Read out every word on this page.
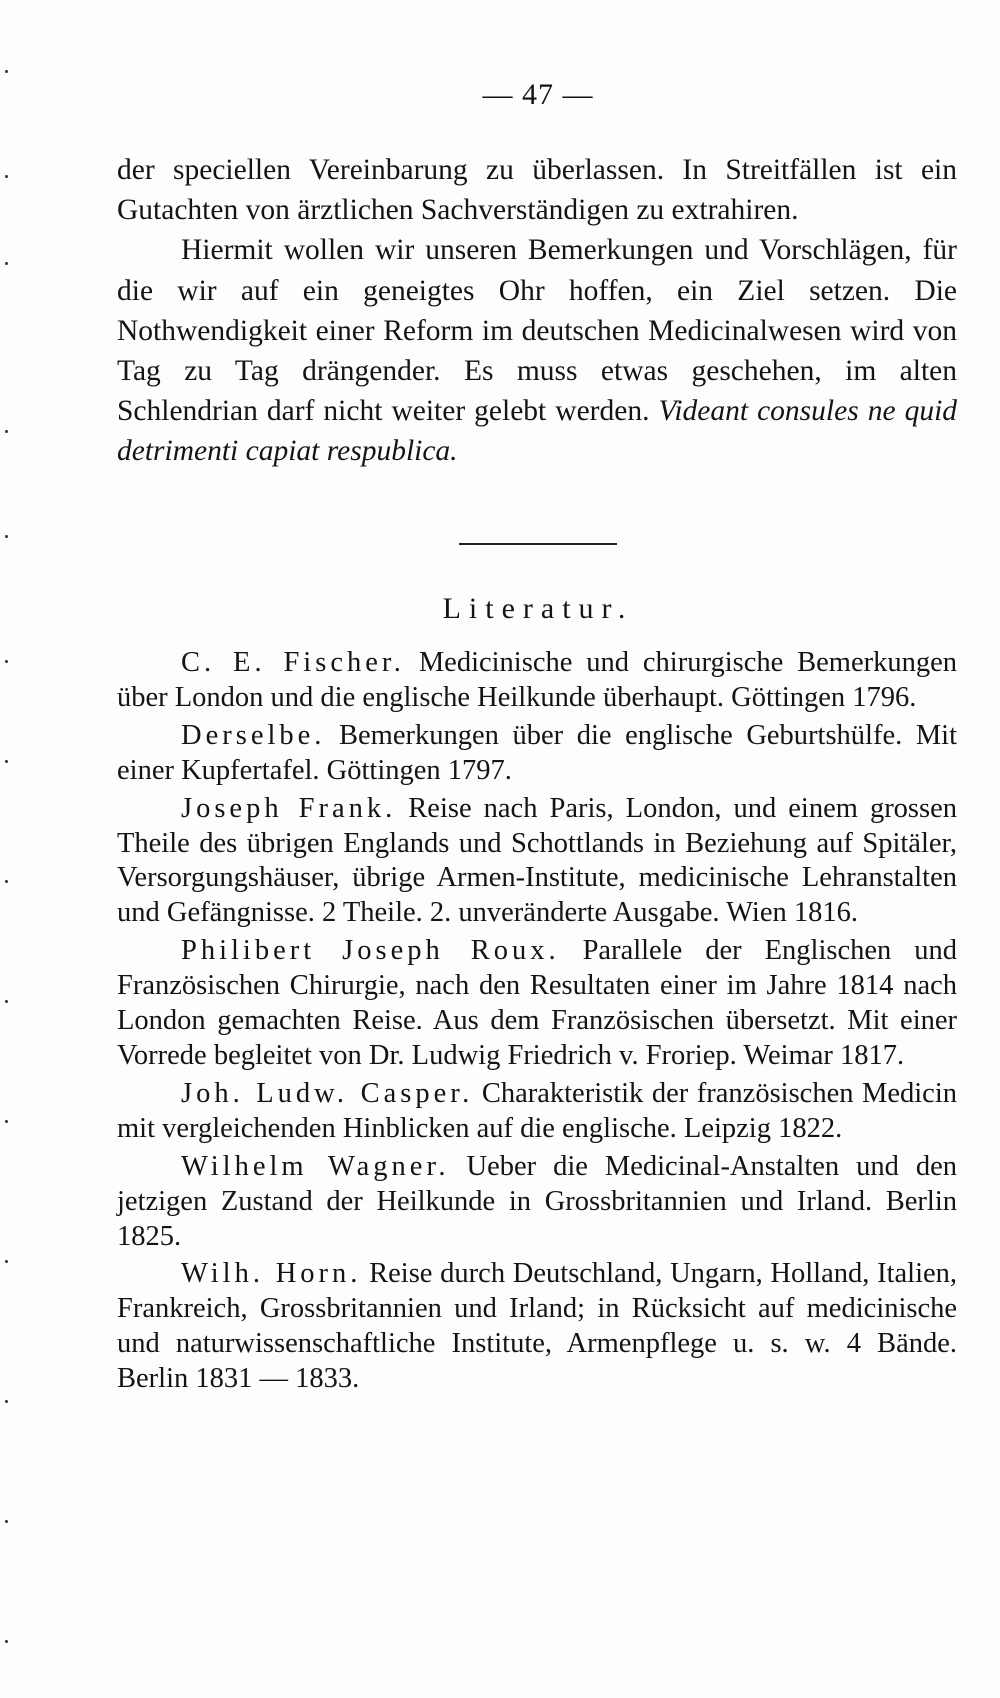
— 47 —

der speciellen Vereinbarung zu überlassen. In Streitfällen ist ein Gutachten von ärztlichen Sachverständigen zu extrahiren.

Hiermit wollen wir unseren Bemerkungen und Vorschlägen, für die wir auf ein geneigtes Ohr hoffen, ein Ziel setzen. Die Nothwendigkeit einer Reform im deutschen Medicinalwesen wird von Tag zu Tag drängender. Es muss etwas geschehen, im alten Schlendrian darf nicht weiter gelebt werden. Videant consules ne quid detrimenti capiat respublica.

Literatur.

C. E. Fischer. Medicinische und chirurgische Bemerkungen über London und die englische Heilkunde überhaupt. Göttingen 1796.

Derselbe. Bemerkungen über die englische Geburtshülfe. Mit einer Kupfertafel. Göttingen 1797.

Joseph Frank. Reise nach Paris, London, und einem grossen Theile des übrigen Englands und Schottlands in Beziehung auf Spitäler, Versorgungshäuser, übrige Armen-Institute, medicinische Lehranstalten und Gefängnisse. 2 Theile. 2. unveränderte Ausgabe. Wien 1816.

Philibert Joseph Roux. Parallele der Englischen und Französischen Chirurgie, nach den Resultaten einer im Jahre 1814 nach London gemachten Reise. Aus dem Französischen übersetzt. Mit einer Vorrede begleitet von Dr. Ludwig Friedrich v. Froriep. Weimar 1817.

Joh. Ludw. Casper. Charakteristik der französischen Medicin mit vergleichenden Hinblicken auf die englische. Leipzig 1822.

Wilhelm Wagner. Ueber die Medicinal-Anstalten und den jetzigen Zustand der Heilkunde in Grossbritannien und Irland. Berlin 1825.

Wilh. Horn. Reise durch Deutschland, Ungarn, Holland, Italien, Frankreich, Grossbritannien und Irland; in Rücksicht auf medicinische und naturwissenschaftliche Institute, Armenpflege u. s. w. 4 Bände. Berlin 1831 — 1833.
